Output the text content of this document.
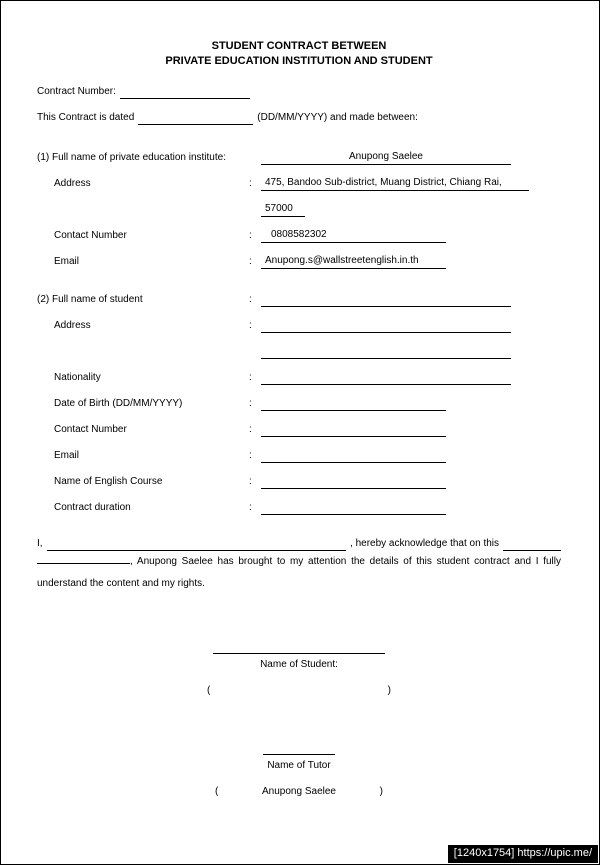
STUDENT CONTRACT BETWEEN
PRIVATE EDUCATION INSTITUTION AND STUDENT
Contract Number:
This Contract is dated	(DD/MM/YYYY) and made between:
(1) Full name of private education institute:	Anupong Saelee
Address	:	475, Bandoo Sub-district, Muang District, Chiang Rai,
57000
Contact Number	:	0808582302
Email	:	Anupong.s@wallstreetenglish.in.th
(2) Full name of student	:
Address	:
Nationality	:
Date of Birth (DD/MM/YYYY)	:
Contact Number	:
Email	:
Name of English Course	:
Contract duration	:
I,	, hereby acknowledge that on this
, Anupong Saelee has brought to my attention the details of this student contract and I fully
understand the content and my rights.
Name of Student:
(	)
Name of Tutor
(	Anupong Saelee	)
[1240x1754] https://upic.me/
